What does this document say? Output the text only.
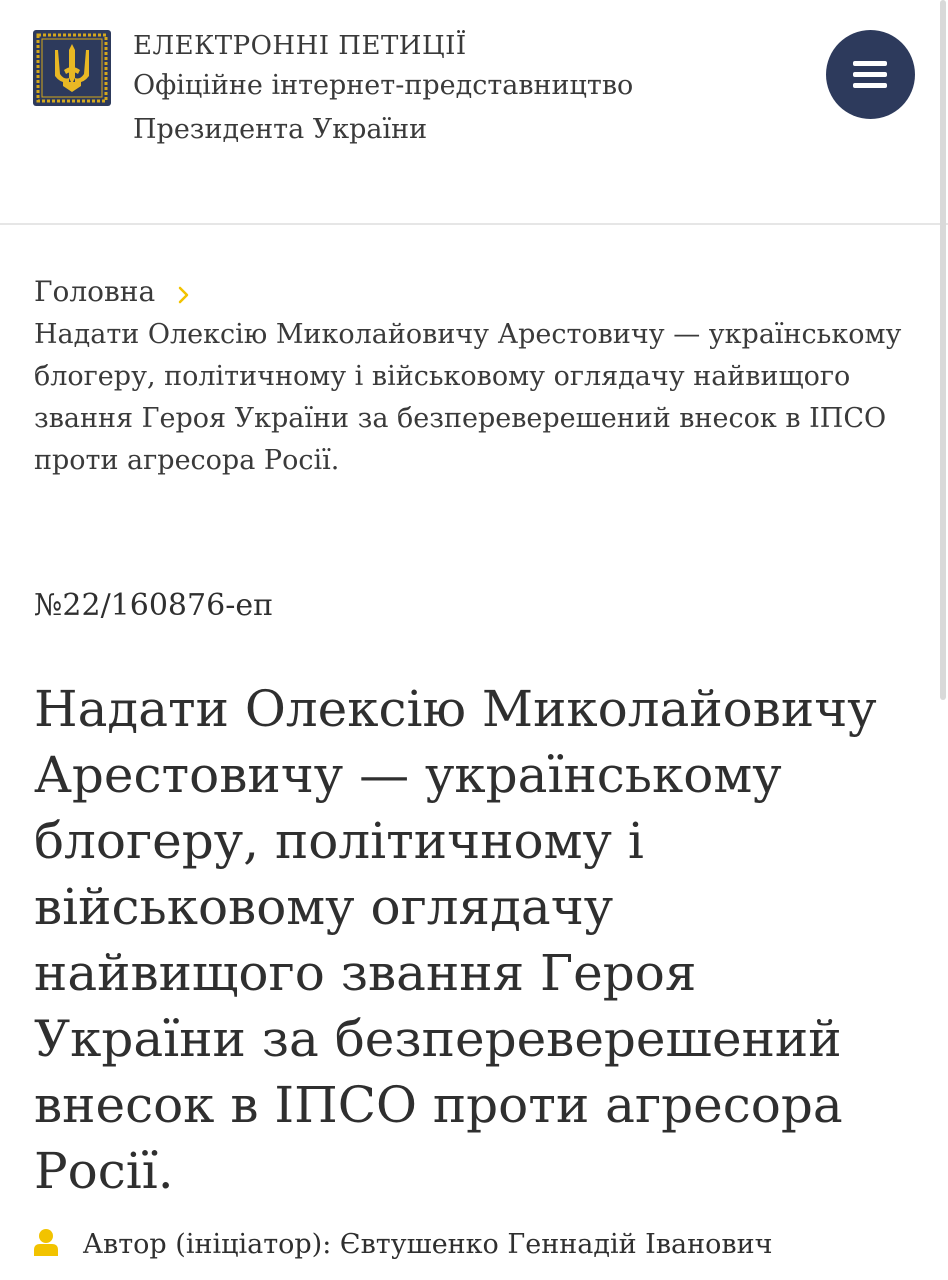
ЕЛЕКТРОННІ ПЕТИЦІЇ
Офіційне інтернет-представництво Президента України
Головна
Надати Олексію Миколайовичу Арестовичу — українському блогеру, політичному і військовому оглядачу найвищого звання Героя України за безпереверешений внесок в ІПСО проти агресора Росії.
№22/160876-еп
Надати Олексію Миколайовичу Арестовичу — українському блогеру, політичному і військовому оглядачу найвищого звання Героя України за безпереверешений внесок в ІПСО проти агресора Росії.
Автор (ініціатор): Євтушенко Геннадій Іванович
